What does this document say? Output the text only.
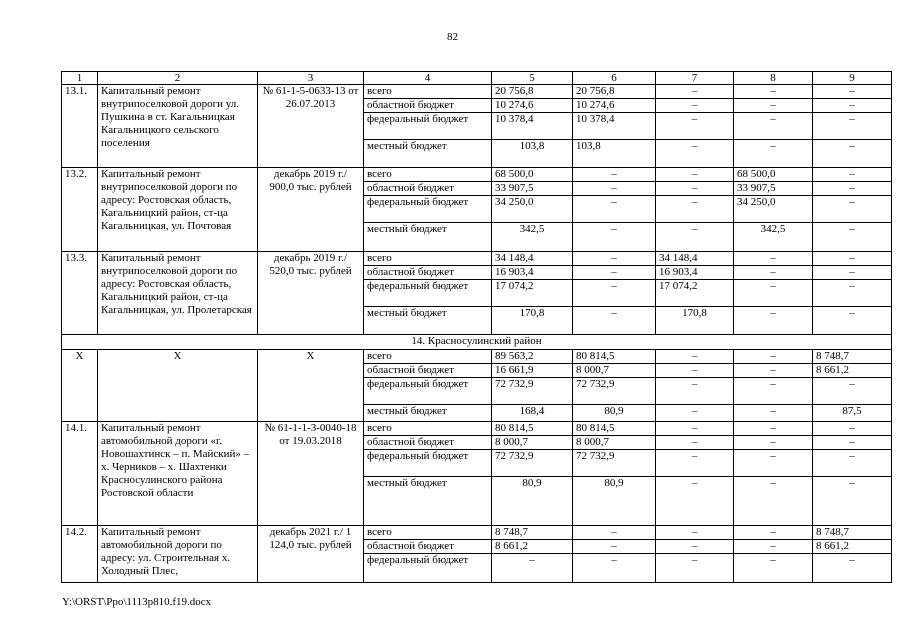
82
1	2	3	4	5	6	7	8	9
13.1.	Капитальный ремонт внутрипоселковой дороги ул. Пушкина в ст. Кагальницкая Кагальницкого сельского поселения	№ 61-1-5-0633-13 от 26.07.2013	всего	20 756,8	20 756,8	–	–	–
			областной бюджет	10 274,6	10 274,6	–	–	–
			федеральный бюджет	10 378,4	10 378,4	–	–	–
			местный бюджет	103,8	103,8	–	–	–
13.2.	Капитальный ремонт внутрипоселковой дороги по адресу: Ростовская область, Кагальницкий район, ст-ца Кагальницкая, ул. Почтовая	декабрь 2019 г./ 900,0 тыс. рублей	всего	68 500,0	–	–	68 500,0	–
			областной бюджет	33 907,5	–	–	33 907,5	–
			федеральный бюджет	34 250,0	–	–	34 250,0	–
			местный бюджет	342,5	–	–	342,5	–
13.3.	Капитальный ремонт внутрипоселковой дороги по адресу: Ростовская область, Кагальницкий район, ст-ца Кагальницкая, ул. Пролетарская	декабрь 2019 г./ 520,0 тыс. рублей	всего	34 148,4	–	34 148,4	–	–
			областной бюджет	16 903,4	–	16 903,4	–	–
			федеральный бюджет	17 074,2	–	17 074,2	–	–
			местный бюджет	170,8	–	170,8	–	–
14. Красносулинский район								
X	X	X	всего	89 563,2	80 814,5	–	–	8 748,7
			областной бюджет	16 661,9	8 000,7	–	–	8 661,2
			федеральный бюджет	72 732,9	72 732,9	–	–	–
			местный бюджет	168,4	80,9	–	–	87,5
14.1.	Капитальный ремонт автомобильной дороги «г. Новошахтинск – п. Майский» – х. Черников – х. Шахтенки Красносулинского района Ростовской области	№ 61-1-1-3-0040-18 от 19.03.2018	всего	80 814,5	80 814,5	–	–	–
			областной бюджет	8 000,7	8 000,7	–	–	–
			федеральный бюджет	72 732,9	72 732,9	–	–	–
			местный бюджет	80,9	80,9	–	–	–
14.2.	Капитальный ремонт автомобильной дороги по адресу: ул. Строительная х. Холодный Плес,	декабрь 2021 г./ 1 124,0 тыс. рублей	всего	8 748,7	–	–	–	8 748,7
			областной бюджет	8 661,2	–	–	–	8 661,2
			федеральный бюджет	–	–	–	–	–
Y:\ORST\Ppo\1113p810.f19.docx
